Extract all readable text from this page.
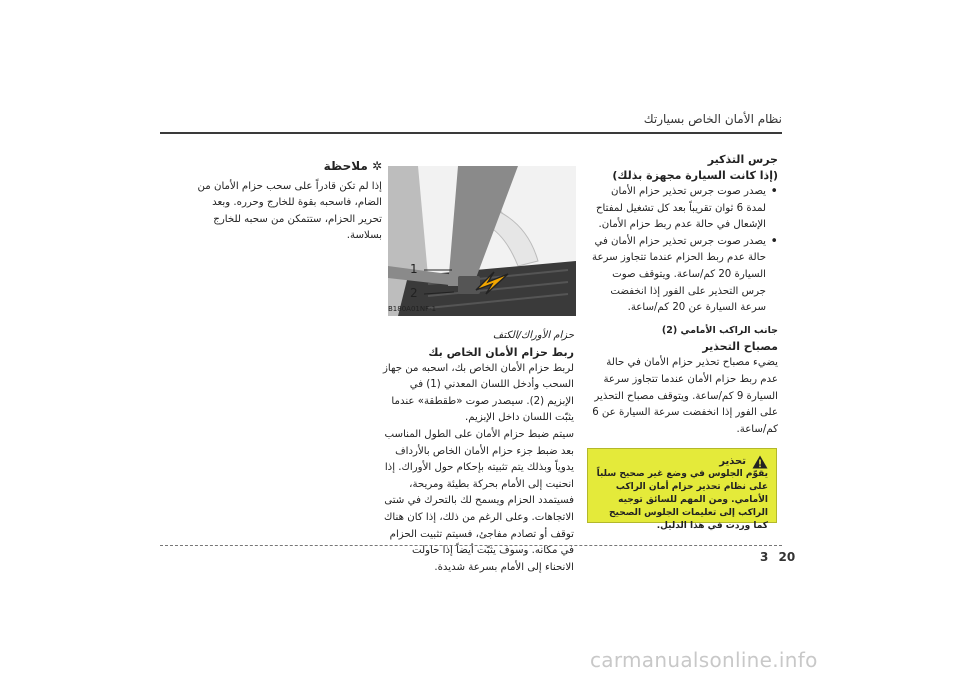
نظام الأمان الخاص بسيارتك
جرس التذكير
(إذا كانت السيارة مجهزة بذلك)
• يصدر صوت جرس تحذير حزام الأمان لمدة 6 ثوان تقريباً بعد كل تشغيل لمفتاح الإشعال في حالة عدم ربط حزام الأمان.
• يصدر صوت جرس تحذير حزام الأمان في حالة عدم ربط الحزام عندما تتجاوز سرعة السيارة 20 كم/ساعة. ويتوقف صوت جرس التحذير على الفور إذا انخفضت سرعة السيارة عن 20 كم/ساعة.
جانب الراكب الأمامي (2)
مصباح التحذير
يضيء مصباح تحذير حزام الأمان في حالة عدم ربط حزام الأمان عندما تتجاوز سرعة السيارة 9 كم/ساعة. ويتوقف مصباح التحذير على الفور إذا انخفضت سرعة السيارة عن 6 كم/ساعة.
تحذير
يقوّم الجلوس في وضع غير صحيح سلباً على نظام تحذير حزام أمان الراكب الأمامي. ومن المهم للسائق توجيه الراكب إلى تعليمات الجلوس الصحيح كما وردت في هذا الدليل.
1
2
B180A01NF-1
حزام الأوراك/الكتف
ربط حزام الأمان الخاص بك
لربط حزام الأمان الخاص بك، اسحبه من جهاز السحب وأدخل اللسان المعدني (1) في الإبزيم (2). سيصدر صوت «طقطقة» عندما يثبّت اللسان داخل الإبزيم.
سيتم ضبط حزام الأمان على الطول المناسب بعد ضبط جزء حزام الأمان الخاص بالأرداف يدوياً وبذلك يتم تثبيته بإحكام حول الأوراك. إذا انحنيت إلى الأمام بحركة بطيئة ومريحة، فسيتمدد الحزام ويسمح لك بالتحرك في شتى الاتجاهات. وعلى الرغم من ذلك، إذا كان هناك توقف أو تصادم مفاجئ، فسيتم تثبيت الحزام في مكانه. وسوف يثبّت أيضاً إذا حاولت الانحناء إلى الأمام بسرعة شديدة.
✲ ملاحظة
إذا لم تكن قادراً على سحب حزام الأمان من الضام، فاسحبه بقوة للخارج وحرره. وبعد تحرير الحزام، ستتمكن من سحبه للخارج بسلاسة.
3 20
carmanualsonline.info
